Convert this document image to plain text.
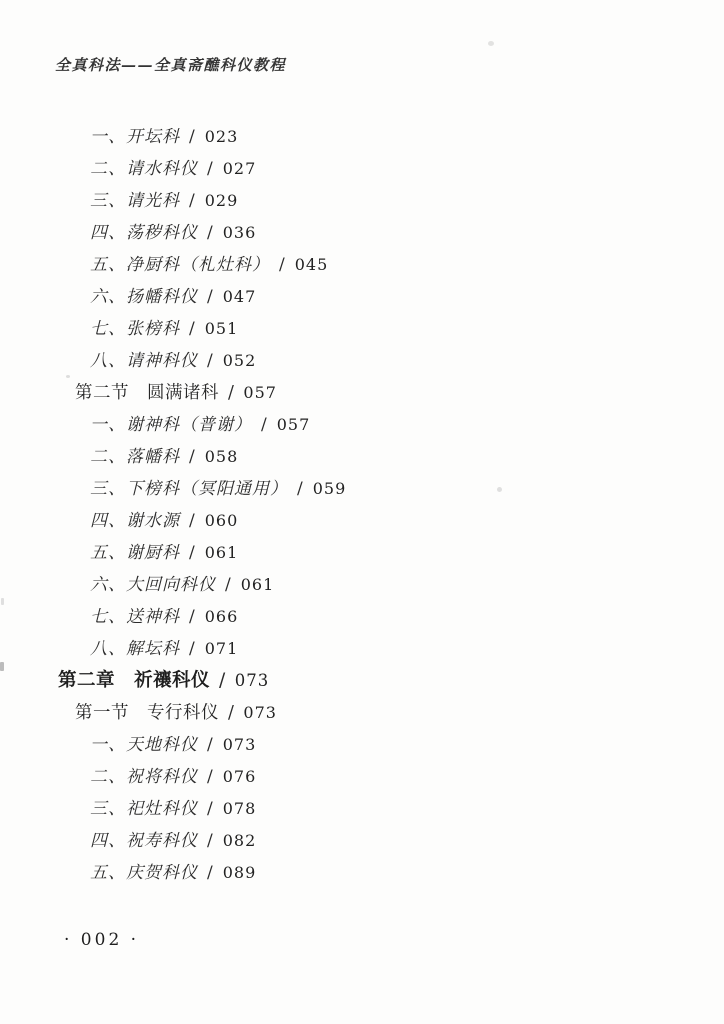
全真科法——全真斋醮科仪教程
一、开坛科 / 023
二、请水科仪 / 027
三、请光科 / 029
四、荡秽科仪 / 036
五、净厨科（札灶科） / 045
六、扬幡科仪 / 047
七、张榜科 / 051
八、请神科仪 / 052
第二节　圆满诸科 / 057
一、谢神科（普谢） / 057
二、落幡科 / 058
三、下榜科（冥阳通用） / 059
四、谢水源 / 060
五、谢厨科 / 061
六、大回向科仪 / 061
七、送神科 / 066
八、解坛科 / 071
第二章　祈禳科仪 / 073
第一节　专行科仪 / 073
一、天地科仪 / 073
二、祝将科仪 / 076
三、祀灶科仪 / 078
四、祝寿科仪 / 082
五、庆贺科仪 / 089
· 002 ·
